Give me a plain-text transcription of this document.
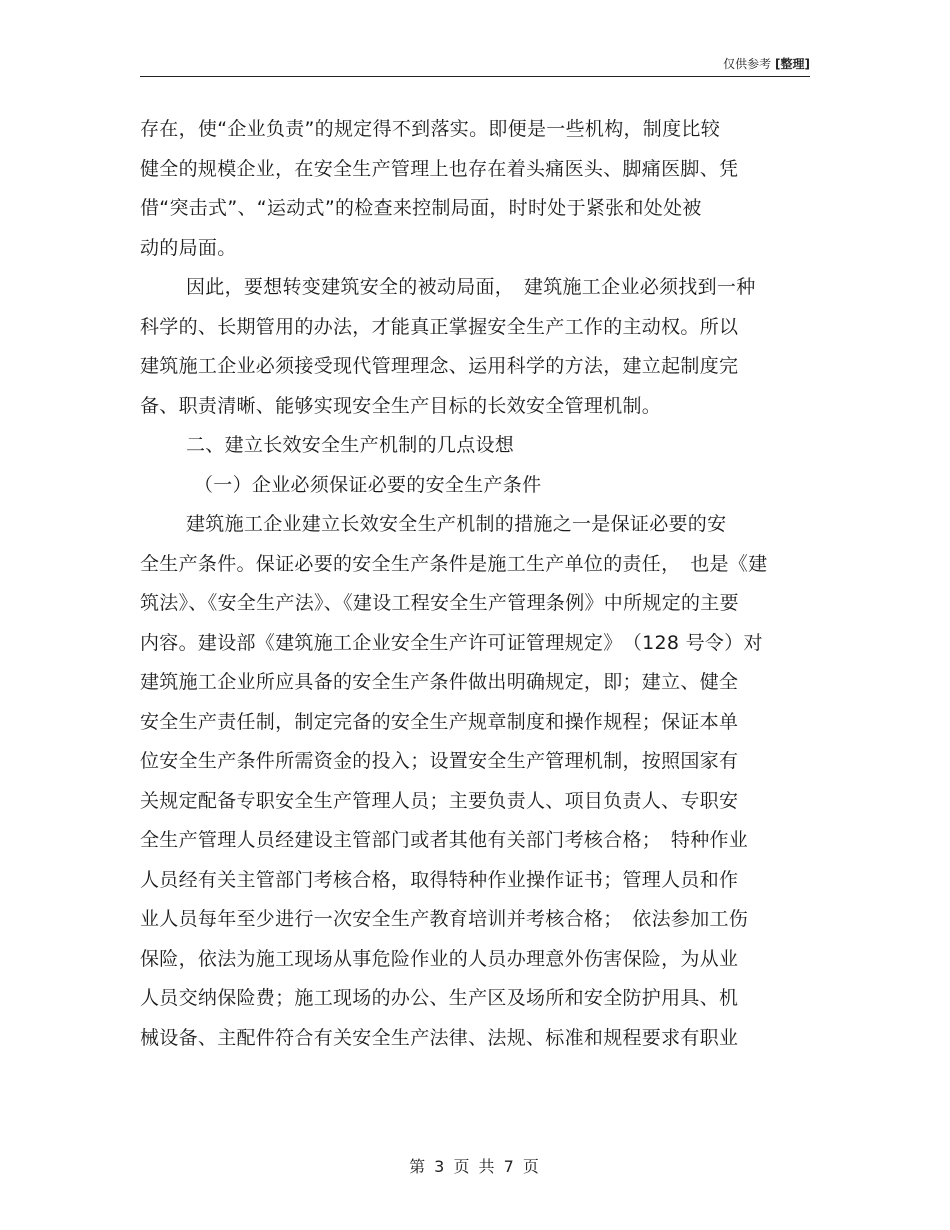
仅供参考 [整理]
存在，使“企业负责”的规定得不到落实。即便是一些机构，制度比较
健全的规模企业，在安全生产管理上也存在着头痛医头、脚痛医脚、凭
借“突击式”、“运动式”的检查来控制局面，时时处于紧张和处处被
动的局面。
因此，要想转变建筑安全的被动局面，　建筑施工企业必须找到一种
科学的、长期管用的办法，才能真正掌握安全生产工作的主动权。所以
建筑施工企业必须接受现代管理理念、运用科学的方法，建立起制度完
备、职责清晰、能够实现安全生产目标的长效安全管理机制。
二、建立长效安全生产机制的几点设想
（一）企业必须保证必要的安全生产条件
建筑施工企业建立长效安全生产机制的措施之一是保证必要的安
全生产条件。保证必要的安全生产条件是施工生产单位的责任，　也是《建
筑法》、《安全生产法》、《建设工程安全生产管理条例》中所规定的主要
内容。建设部《建筑施工企业安全生产许可证管理规定》　（128 号令）对
建筑施工企业所应具备的安全生产条件做出明确规定，即；建立、健全
安全生产责任制，制定完备的安全生产规章制度和操作规程；保证本单
位安全生产条件所需资金的投入；设置安全生产管理机制，按照国家有
关规定配备专职安全生产管理人员；主要负责人、项目负责人、专职安
全生产管理人员经建设主管部门或者其他有关部门考核合格；　特种作业
人员经有关主管部门考核合格，取得特种作业操作证书；管理人员和作
业人员每年至少进行一次安全生产教育培训并考核合格；　依法参加工伤
保险，依法为施工现场从事危险作业的人员办理意外伤害保险，为从业
人员交纳保险费；施工现场的办公、生产区及场所和安全防护用具、机
械设备、主配件符合有关安全生产法律、法规、标准和规程要求有职业
第 3 页 共 7 页
